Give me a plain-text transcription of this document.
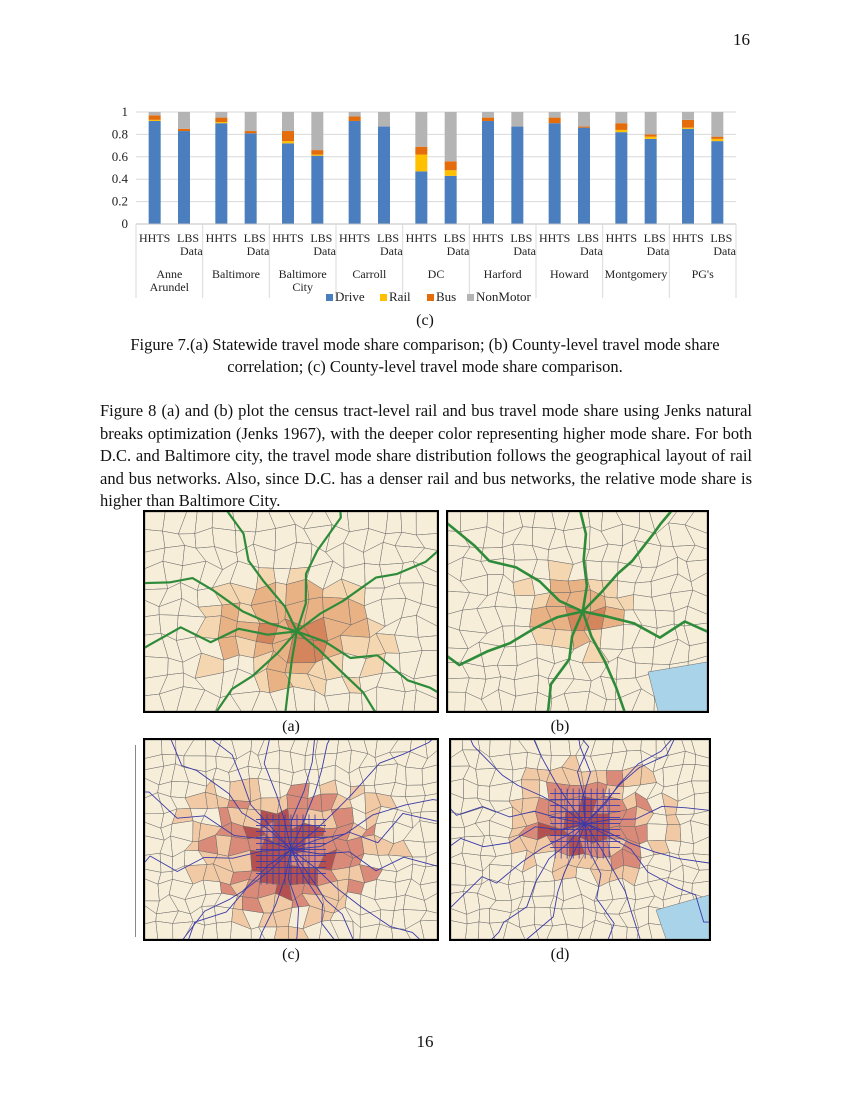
16
0
0.2
0.4
0.6
0.8
1
HHTS LBS
Data
Anne
Arundel
HHTS LBS
Data
Baltimore
HHTS LBS
Data
Baltimore
City
HHTS LBS
Data
Carroll
HHTS LBS
Data
DC
HHTS LBS
Data
Harford
HHTS LBS
Data
Howard
HHTS LBS
Data
Montgomery
HHTS LBS
Data
PG's
Drive Rail Bus NonMotor
(c)
Figure 7.(a) Statewide travel mode share comparison; (b) County-level travel mode share correlation; (c) County-level travel mode share comparison.
Figure 8 (a) and (b) plot the census tract-level rail and bus travel mode share using Jenks natural breaks optimization (Jenks 1967), with the deeper color representing higher mode share. For both D.C. and Baltimore city, the travel mode share distribution follows the geographical layout of rail and bus networks. Also, since D.C. has a denser rail and bus networks, the relative mode share is higher than Baltimore City.
(a)	(b)
(c)	(d)
16
